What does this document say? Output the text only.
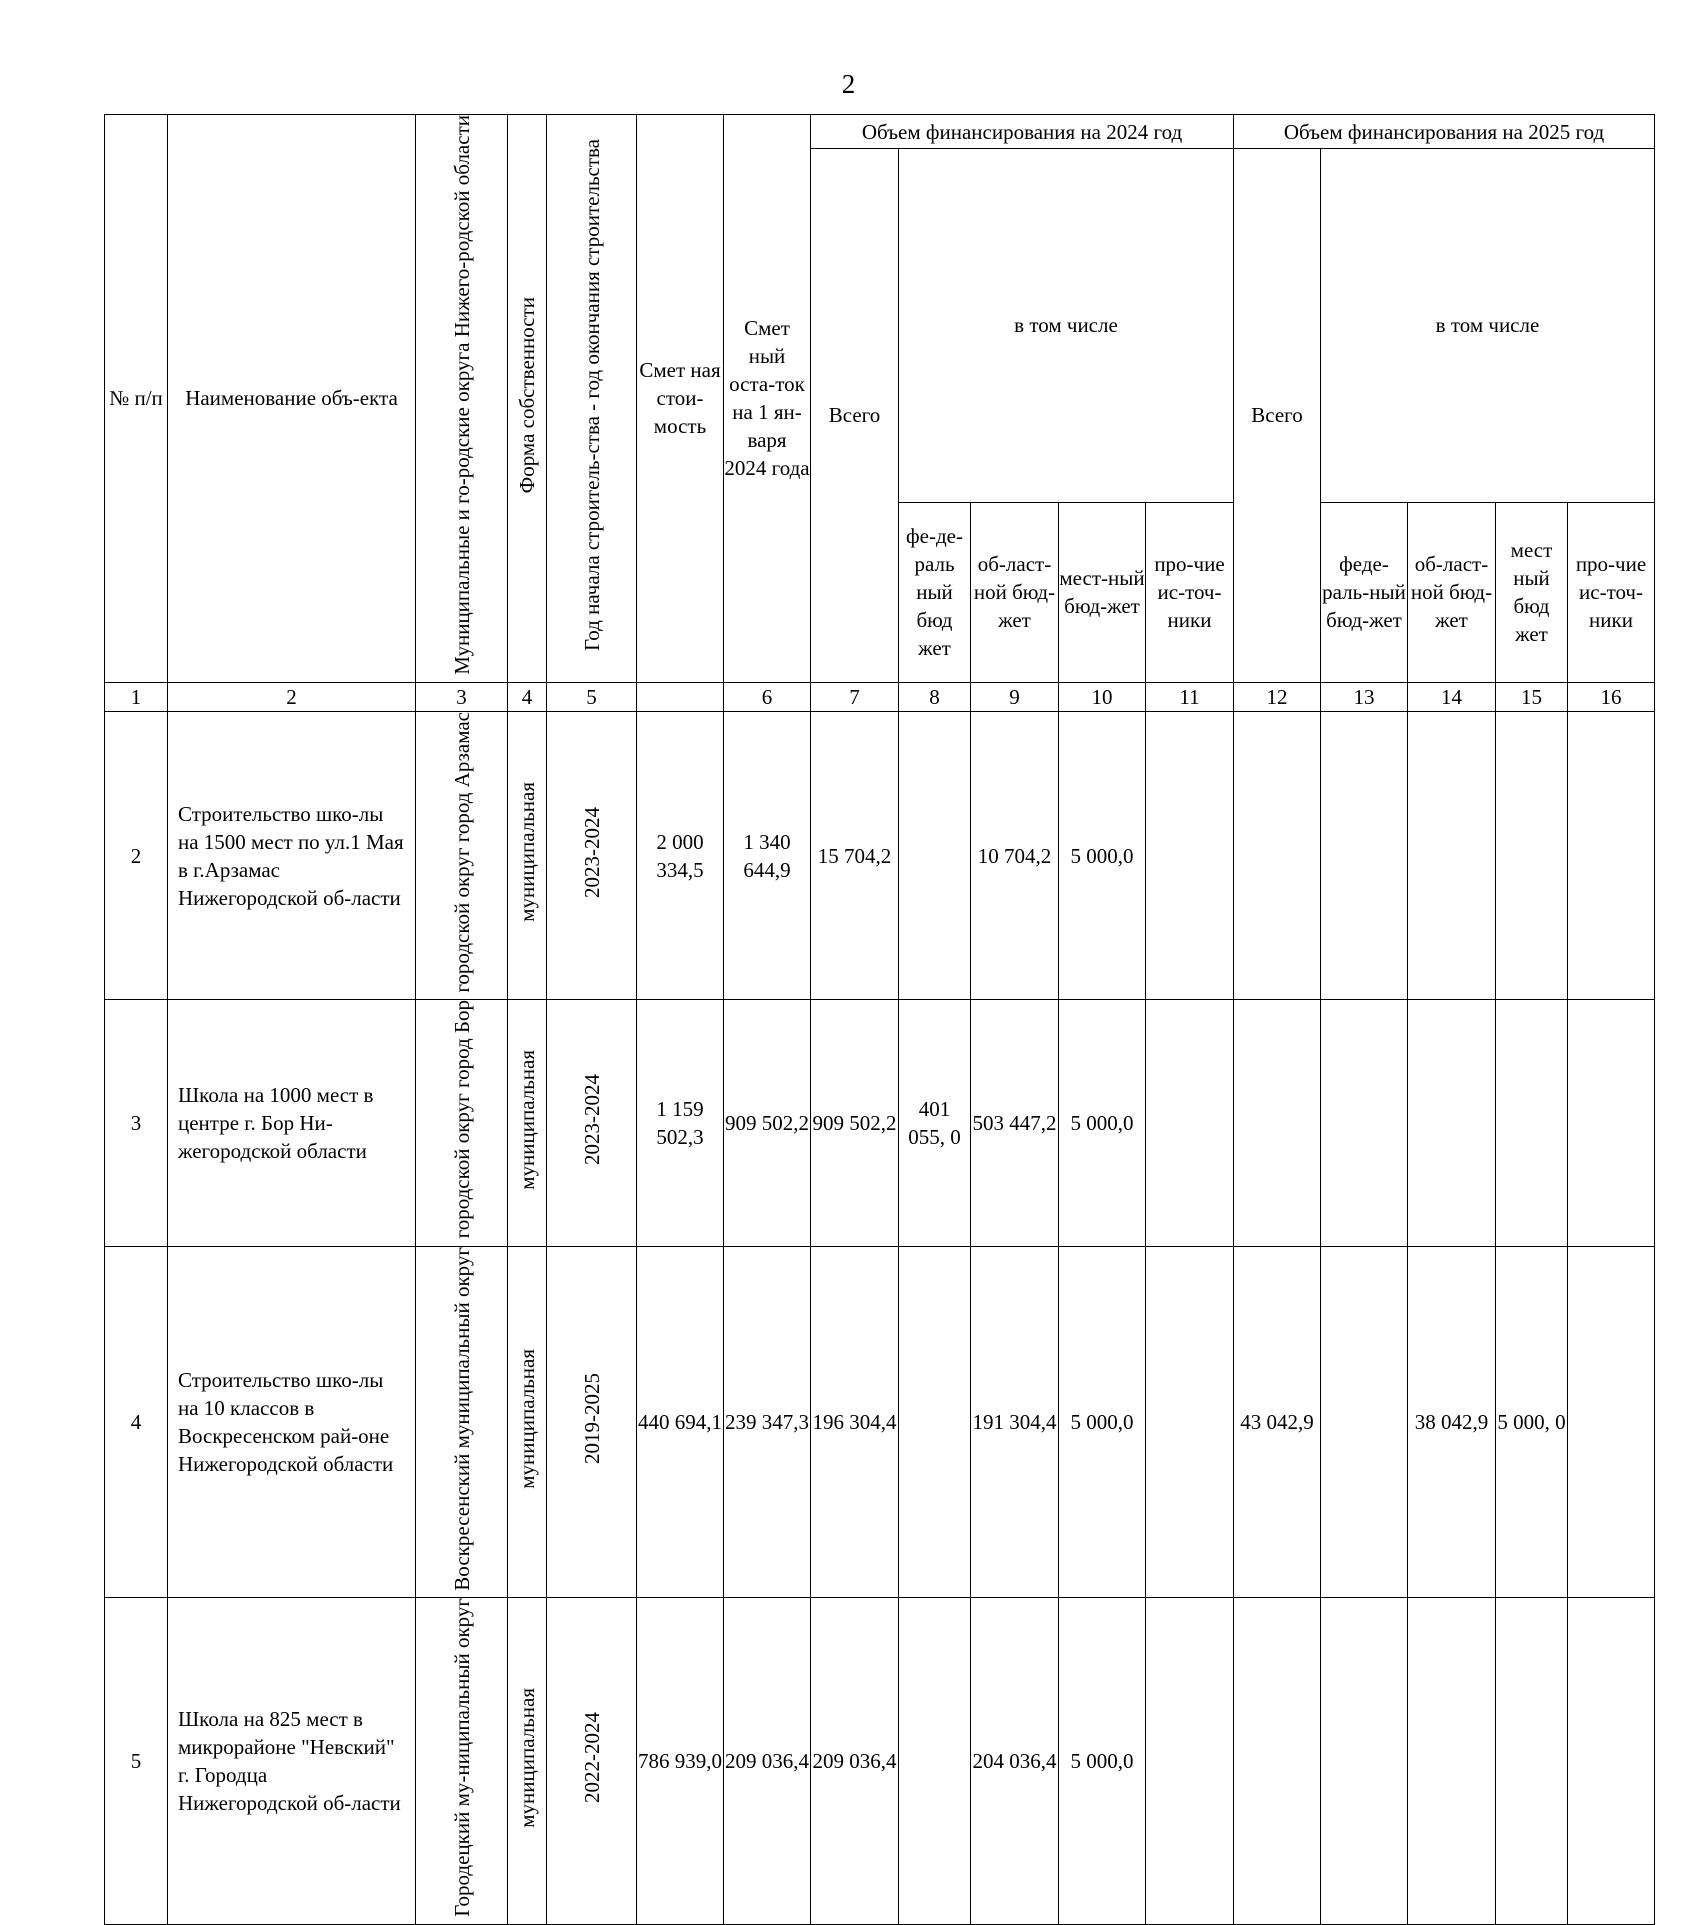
2
№ п/п	Наименование объ-екта	Муниципальные и го-родские округа Нижего-родской области	Форма собственности	Год начала строитель-ства - год окончания строительства	Смет ная стои-мость	Смет ный оста-ток на 1 ян-варя 2024 года	Объем финансирования на 2024 год					Объем финансирования на 2025 год				
							Всего	в том числе				Всего	в том числе			
								фе-де-раль ный бюд жет	об-ласт-ной бюд-жет	мест-ный бюд-жет	про-чие ис-точ-ники		феде-раль-ный бюд-жет	об-ласт-ной бюд-жет	мест ный бюд жет	про-чие ис-точ-ники
1	2	3	4	5		6	7	8	9	10	11	12	13	14	15	16
2	Строительство шко-лы на 1500 мест по ул.1 Мая в г.Арзамас Нижегородской об-ласти	городской округ город Арзамас	муниципальная	2023-2024	2 000 334,5	1 340 644,9	15 704,2		10 704,2	5 000,0						
3	Школа на 1000 мест в центре г. Бор Ни-жегородской области	городской округ город Бор	муниципальная	2023-2024	1 159 502,3	909 502,2	909 502,2	401 055, 0	503 447,2	5 000,0						
4	Строительство шко-лы на 10 классов в Воскресенском рай-оне Нижегородской области	Воскресенский муниципальный округ	муниципальная	2019-2025	440 694,1	239 347,3	196 304,4		191 304,4	5 000,0		43 042,9		38 042,9	5 000, 0	
5	Школа на 825 мест в микрорайоне "Невский" г. Городца Нижегородской об-ласти	Городецкий му-ниципальный округ	муниципальная	2022-2024	786 939,0	209 036,4	209 036,4		204 036,4	5 000,0						
